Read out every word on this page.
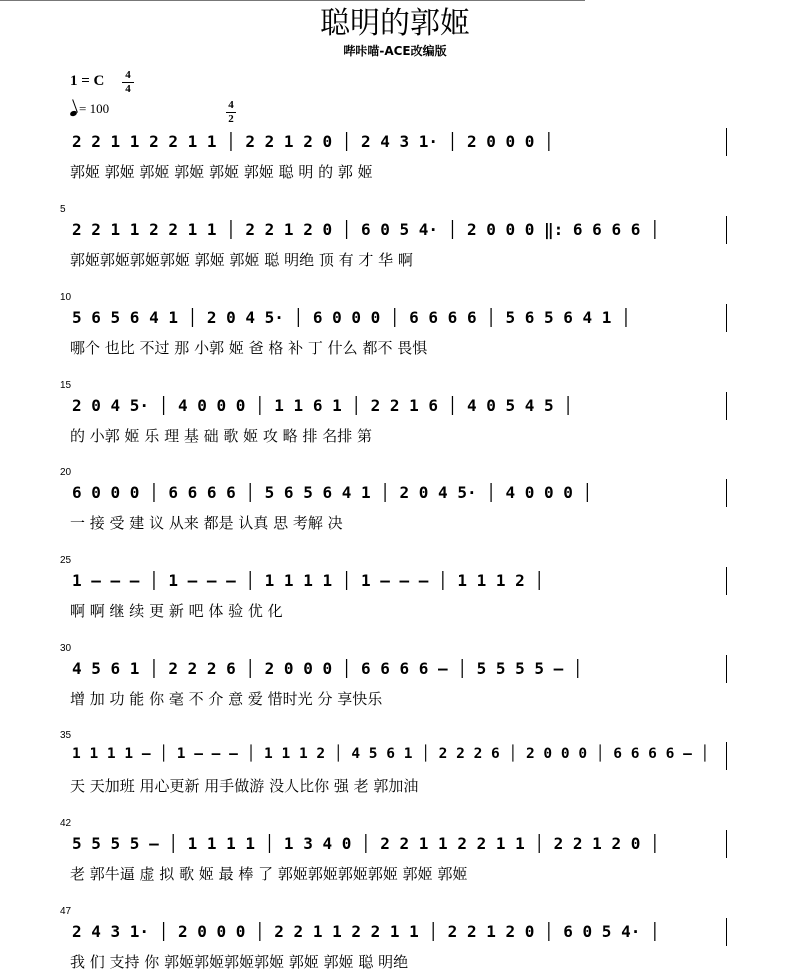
聪明的郭姬
哔咔喵-ACE改编版
1 = C 4
4
= 100	4
2
2 2 1 1 2 2 1 1 │ 2 2 1 2 0 │ 2 4 3 1· │ 2 0 0 0 │
郭姬 郭姬 郭姬 郭姬 郭姬 郭姬 聪 明 的 郭 姬
5
2 2 1 1 2 2 1 1 │ 2 2 1 2 0 │ 6 0 5 4· │ 2 0 0 0 ‖: 6 6 6 6 │
郭姬郭姬郭姬郭姬 郭姬 郭姬 聪 明绝 顶 有 才 华 啊
10
5 6 5 6 4 1 │ 2 0 4 5· │ 6 0 0 0 │ 6 6 6 6 │ 5 6 5 6 4 1 │
哪个 也比 不过 那 小郭 姬 爸 格 补 丁 什么 都不 畏惧
15
2 0 4 5· │ 4 0 0 0 │ 1 1 6 1 │ 2 2 1 6 │ 4 0 5 4 5 │
的 小郭 姬 乐 理 基 础 歌 姬 攻 略 排 名排 第
20
6 0 0 0 │ 6 6 6 6 │ 5 6 5 6 4 1 │ 2 0 4 5· │ 4 0 0 0 │
一 接 受 建 议 从来 都是 认真 思 考解 决
25
1 – – – │ 1 – – – │ 1 1 1 1 │ 1 – – – │ 1 1 1 2 │
啊 啊 继 续 更 新 吧 体 验 优 化
30
4 5 6 1 │ 2 2 2 6 │ 2 0 0 0 │ 6 6 6 6 – │ 5 5 5 5 – │
增 加 功 能 你 毫 不 介 意 爱 惜时光 分 享快乐
35
1 1 1 1 – │ 1 – – – │ 1 1 1 2 │ 4 5 6 1 │ 2 2 2 6 │ 2 0 0 0 │ 6 6 6 6 – │
天 天加班 用心更新 用手做游 没人比你 强 老 郭加油
42
5 5 5 5 – │ 1 1 1 1 │ 1 3 4 0 │ 2 2 1 1 2 2 1 1 │ 2 2 1 2 0 │
老 郭牛逼 虚 拟 歌 姬 最 棒 了 郭姬郭姬郭姬郭姬 郭姬 郭姬
47
2 4 3 1· │ 2 0 0 0 │ 2 2 1 1 2 2 1 1 │ 2 2 1 2 0 │ 6 0 5 4· │
我 们 支持 你 郭姬郭姬郭姬郭姬 郭姬 郭姬 聪 明绝
